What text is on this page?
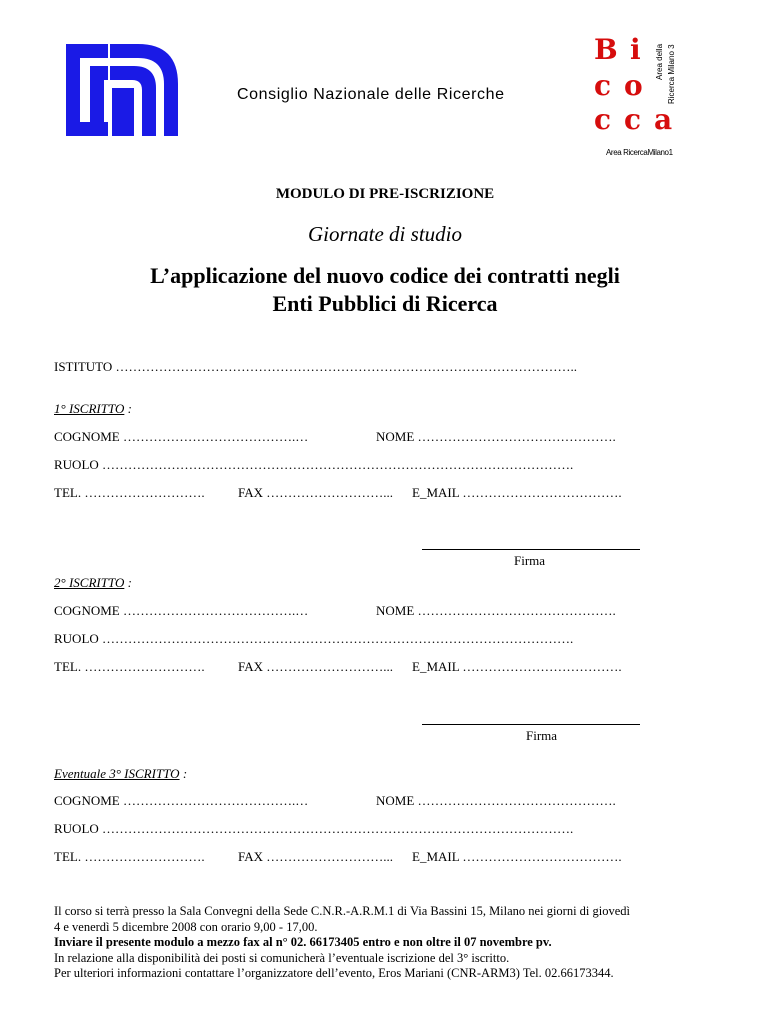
Consiglio Nazionale delle Ricerche
B i
c o
c c a
Area della Ricerca Milano 3
Area RicercaMilano1
MODULO DI PRE-ISCRIZIONE
Giornate di studio
L’applicazione del nuovo codice dei contratti negli
Enti Pubblici di Ricerca
ISTITUTO ……………………………………………………………………………………………..
1° ISCRITTO :
COGNOME ………………………………….…	NOME ……………………………………….
RUOLO ……………………………………………………………………………………………….
TEL. ……………………….	FAX ………………………... E_MAIL ……………………………….
Firma
2° ISCRITTO :
COGNOME ………………………………….…	NOME ……………………………………….
RUOLO ……………………………………………………………………………………………….
TEL. ……………………….	FAX ………………………... E_MAIL ……………………………….
Firma
Eventuale 3° ISCRITTO :
COGNOME ………………………………….…	NOME ……………………………………….
RUOLO ……………………………………………………………………………………………….
TEL. ……………………….	FAX ………………………... E_MAIL ……………………………….
Il corso si terrà presso la Sala Convegni della Sede C.N.R.-A.R.M.1 di Via Bassini 15, Milano nei giorni di giovedì
4 e venerdì 5 dicembre 2008 con orario 9,00 - 17,00.
Inviare il presente modulo a mezzo fax al n° 02. 66173405 entro e non oltre il 07 novembre pv.
In relazione alla disponibilità dei posti si comunicherà l’eventuale iscrizione del 3° iscritto.
Per ulteriori informazioni contattare l’organizzatore dell’evento, Eros Mariani (CNR-ARM3) Tel. 02.66173344.
